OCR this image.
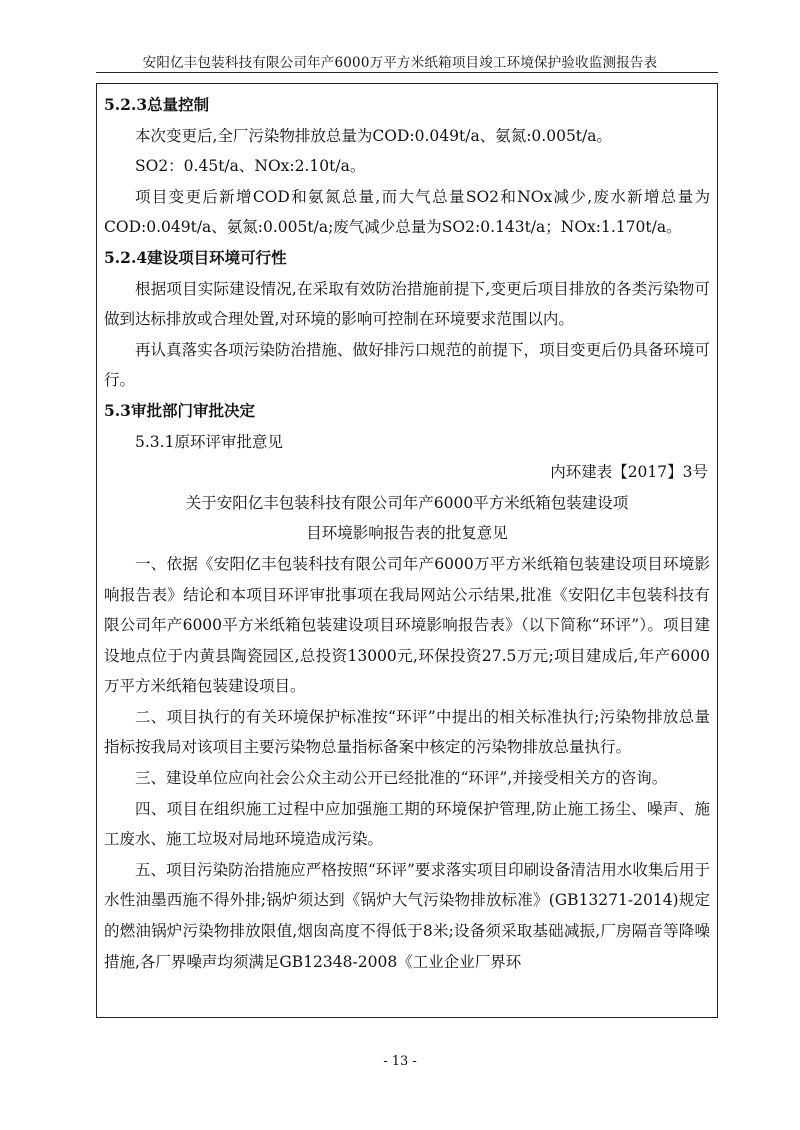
安阳亿丰包装科技有限公司年产6000万平方米纸箱项目竣工环境保护验收监测报告表

5.2.3总量控制

本次变更后,全厂污染物排放总量为COD:0.049t/a、氨氮:0.005t/a。

SO2：0.45t/a、NOx:2.10t/a。

项目变更后新增COD和氨氮总量,而大气总量SO2和NOx减少,废水新增总量为COD:0.049t/a、氨氮:0.005t/a;废气减少总量为SO2:0.143t/a；NOx:1.170t/a。

5.2.4建设项目环境可行性

根据项目实际建设情况,在采取有效防治措施前提下,变更后项目排放的各类污染物可做到达标排放或合理处置,对环境的影响可控制在环境要求范围以内。

再认真落实各项污染防治措施、做好排污口规范的前提下，项目变更后仍具备环境可行。

5.3审批部门审批决定

5.3.1原环评审批意见

内环建表【2017】3号

关于安阳亿丰包装科技有限公司年产6000平方米纸箱包装建设项

目环境影响报告表的批复意见

一、依据《安阳亿丰包装科技有限公司年产6000万平方米纸箱包装建设项目环境影响报告表》结论和本项目环评审批事项在我局网站公示结果,批准《安阳亿丰包装科技有限公司年产6000平方米纸箱包装建设项目环境影响报告表》（以下简称“环评”）。项目建设地点位于内黄县陶瓷园区,总投资13000元,环保投资27.5万元;项目建成后,年产6000万平方米纸箱包装建设项目。

二、项目执行的有关环境保护标准按“环评”中提出的相关标准执行;污染物排放总量指标按我局对该项目主要污染物总量指标备案中核定的污染物排放总量执行。

三、建设单位应向社会公众主动公开已经批准的“环评”,并接受相关方的咨询。

四、项目在组织施工过程中应加强施工期的环境保护管理,防止施工扬尘、噪声、施工废水、施工垃圾对局地环境造成污染。

五、项目污染防治措施应严格按照“环评”要求落实项目印刷设备清洁用水收集后用于水性油墨西施不得外排;锅炉须达到《锅炉大气污染物排放标准》(GB13271-2014)规定的燃油锅炉污染物排放限值,烟囱高度不得低于8米;设备须采取基础减振,厂房隔音等降噪措施,各厂界噪声均须满足GB12348-2008《工业企业厂界环

- 13 -
